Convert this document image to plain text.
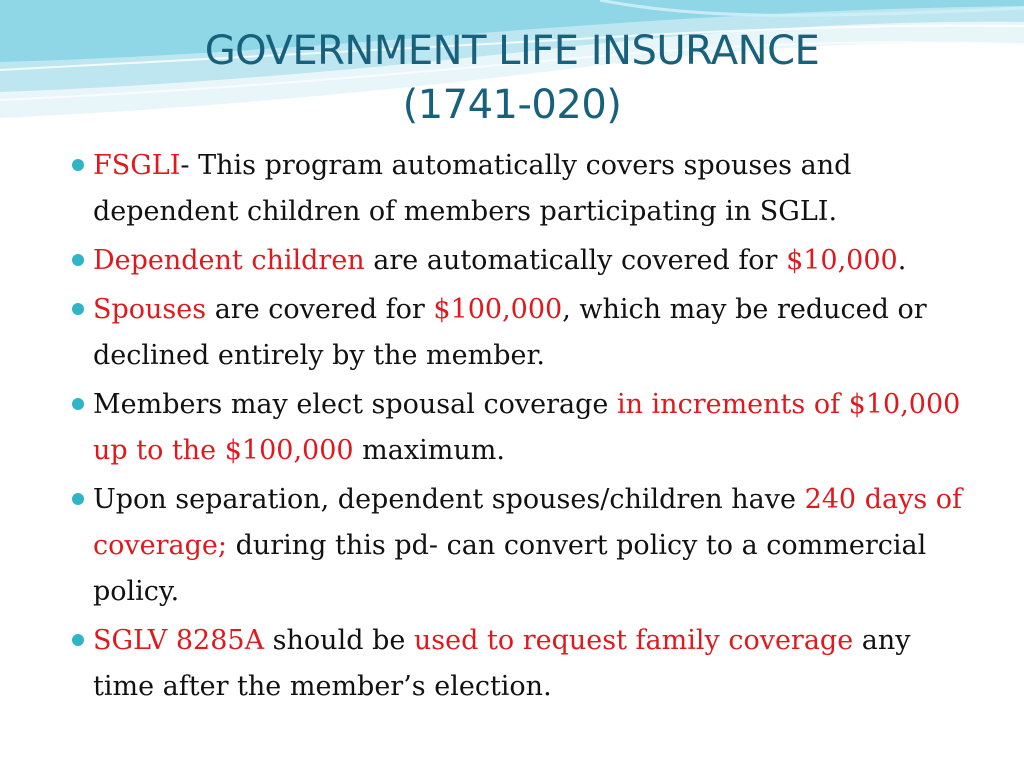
GOVERNMENT LIFE INSURANCE
(1741-020)
FSGLI- This program automatically covers spouses and dependent children of members participating in SGLI.
Dependent children are automatically covered for $10,000.
Spouses are covered for $100,000, which may be reduced or declined entirely by the member.
Members may elect spousal coverage in increments of $10,000 up to the $100,000 maximum.
Upon separation, dependent spouses/children have 240 days of coverage; during this pd- can convert policy to a commercial policy.
SGLV 8285A should be used to request family coverage any time after the member’s election.
